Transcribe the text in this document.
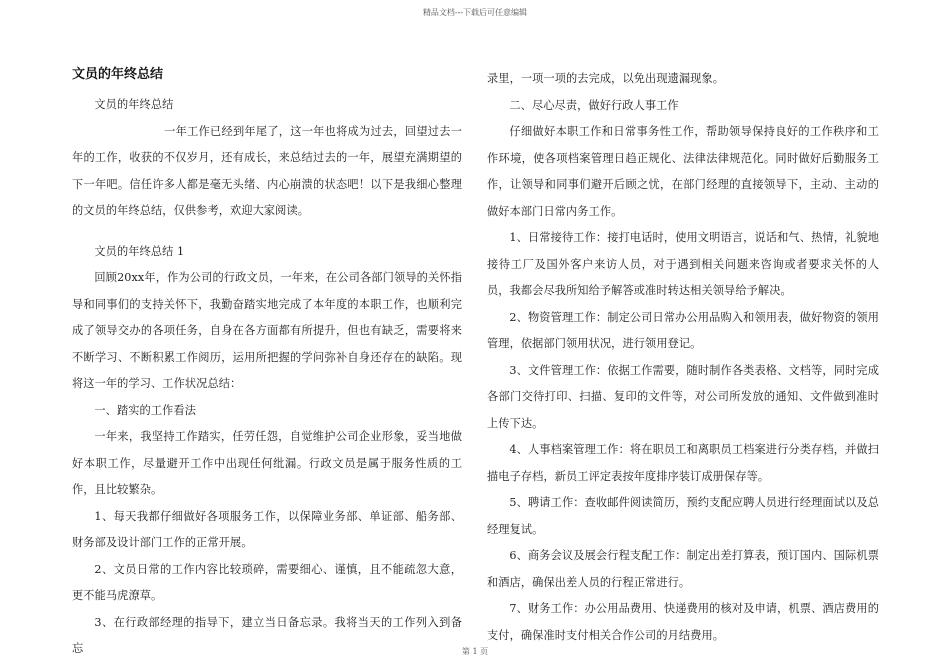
精品文档---下载后可任意编辑
文员的年终总结

文员的年终总结

一年工作已经到年尾了，这一年也将成为过去，回望过去一年的工作，收获的不仅岁月，还有成长，来总结过去的一年，展望充满期望的下一年吧。信任许多人都是毫无头绪、内心崩溃的状态吧！以下是我细心整理的文员的年终总结，仅供参考，欢迎大家阅读。

文员的年终总结 1

回顾20xx年，作为公司的行政文员，一年来，在公司各部门领导的关怀指导和同事们的支持关怀下，我勤奋踏实地完成了本年度的本职工作，也顺利完成了领导交办的各项任务，自身在各方面都有所提升，但也有缺乏，需要将来不断学习、不断积累工作阅历，运用所把握的学问弥补自身还存在的缺陷。现将这一年的学习、工作状况总结：

一、踏实的工作看法

一年来，我坚持工作踏实，任劳任怨，自觉维护公司企业形象，妥当地做好本职工作，尽量避开工作中出现任何纰漏。行政文员是属于服务性质的工作，且比较繁杂。

1、每天我都仔细做好各项服务工作，以保障业务部、单证部、船务部、财务部及设计部门工作的正常开展。

2、文员日常的工作内容比较琐碎，需要细心、谨慎，且不能疏忽大意，更不能马虎潦草。

3、在行政部经理的指导下，建立当日备忘录。我将当天的工作列入到备忘

录里，一项一项的去完成，以免出现遗漏现象。

二、尽心尽责，做好行政人事工作

仔细做好本职工作和日常事务性工作，帮助领导保持良好的工作秩序和工作环境，使各项档案管理日趋正规化、法律法律规范化。同时做好后勤服务工作，让领导和同事们避开后顾之忧，在部门经理的直接领导下，主动、主动的做好本部门日常内务工作。

1、日常接待工作：接打电话时，使用文明语言，说话和气、热情，礼貌地接待工厂及国外客户来访人员，对于遇到相关问题来咨询或者要求关怀的人员，我都会尽我所知给予解答或准时转达相关领导给予解决。

2、物资管理工作：制定公司日常办公用品购入和领用表，做好物资的领用管理，依据部门领用状况，进行领用登记。

3、文件管理工作：依据工作需要，随时制作各类表格、文档等，同时完成各部门交待打印、扫描、复印的文件等，对公司所发放的通知、文件做到准时上传下达。

4、人事档案管理工作：将在职员工和离职员工档案进行分类存档，并做扫描电子存档，新员工评定表按年度排序装订成册保存等。

5、聘请工作：查收邮件阅读简历，预约支配应聘人员进行经理面试以及总经理复试。

6、商务会议及展会行程支配工作：制定出差打算表，预订国内、国际机票和酒店，确保出差人员的行程正常进行。

7、财务工作：办公用品费用、快递费用的核对及申请，机票、酒店费用的支付，确保准时支付相关合作公司的月结费用。

第 1 页
